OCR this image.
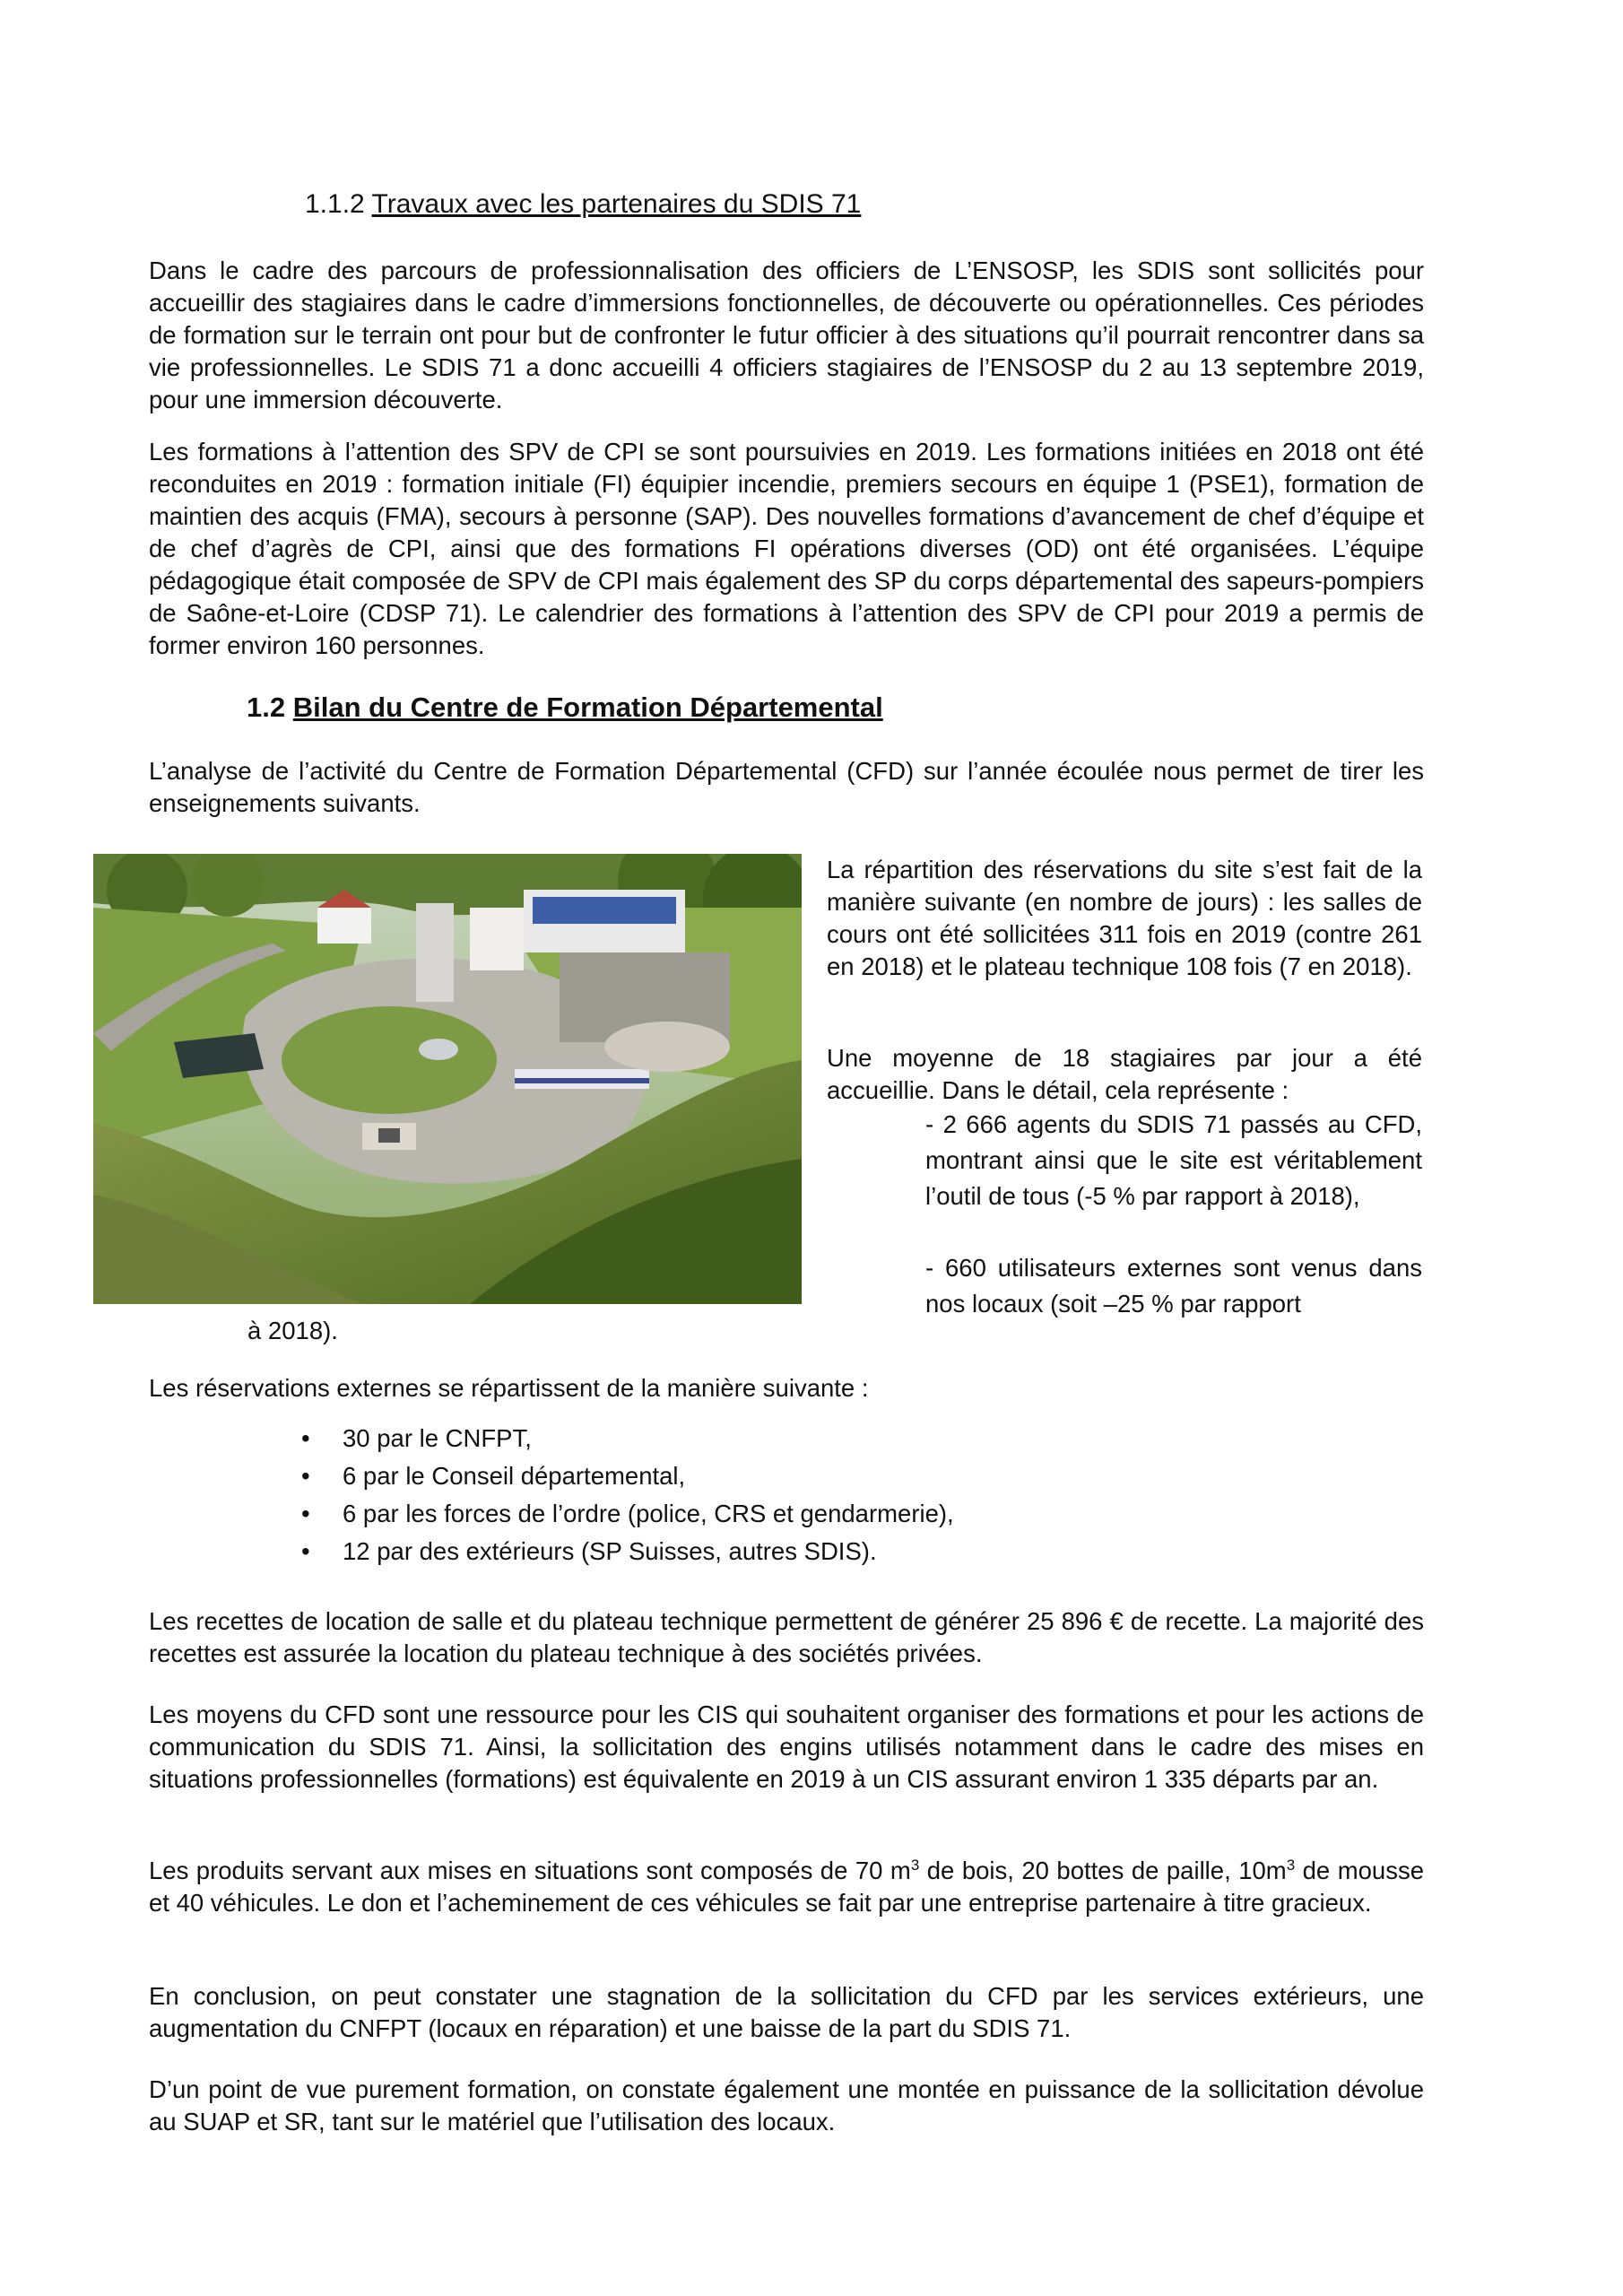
1.1.2 Travaux avec les partenaires du SDIS 71

Dans le cadre des parcours de professionnalisation des officiers de L’ENSOSP, les SDIS sont sollicités pour accueillir des stagiaires dans le cadre d’immersions fonctionnelles, de découverte ou opérationnelles. Ces périodes de formation sur le terrain ont pour but de confronter le futur officier à des situations qu’il pourrait rencontrer dans sa vie professionnelles. Le SDIS 71 a donc accueilli 4 officiers stagiaires de l’ENSOSP du 2 au 13 septembre 2019, pour une immersion découverte.

Les formations à l’attention des SPV de CPI se sont poursuivies en 2019. Les formations initiées en 2018 ont été reconduites en 2019 : formation initiale (FI) équipier incendie, premiers secours en équipe 1 (PSE1), formation de maintien des acquis (FMA), secours à personne (SAP). Des nouvelles formations d’avancement de chef d’équipe et de chef d’agrès de CPI, ainsi que des formations FI opérations diverses (OD) ont été organisées. L’équipe pédagogique était composée de SPV de CPI mais également des SP du corps départemental des sapeurs-pompiers de Saône-et-Loire (CDSP 71). Le calendrier des formations à l’attention des SPV de CPI pour 2019 a permis de former environ 160 personnes.

1.2 Bilan du Centre de Formation Départemental

L’analyse de l’activité du Centre de Formation Départemental (CFD) sur l’année écoulée nous permet de tirer les enseignements suivants.

La répartition des réservations du site s’est fait de la manière suivante (en nombre de jours) : les salles de cours ont été sollicitées 311 fois en 2019 (contre 261 en 2018) et le plateau technique 108 fois (7 en 2018).

Une moyenne de 18 stagiaires par jour a été accueillie. Dans le détail, cela représente :

- 2 666 agents du SDIS 71 passés au CFD, montrant ainsi que le site est véritablement l’outil de tous (-5 % par rapport à 2018),

- 660 utilisateurs externes sont venus dans nos locaux (soit –25 % par rapport

à 2018).

Les réservations externes se répartissent de la manière suivante :

• 30 par le CNFPT,
• 6 par le Conseil départemental,
• 6 par les forces de l’ordre (police, CRS et gendarmerie),
• 12 par des extérieurs (SP Suisses, autres SDIS).

Les recettes de location de salle et du plateau technique permettent de générer 25 896 € de recette. La majorité des recettes est assurée la location du plateau technique à des sociétés privées.

Les moyens du CFD sont une ressource pour les CIS qui souhaitent organiser des formations et pour les actions de communication du SDIS 71. Ainsi, la sollicitation des engins utilisés notamment dans le cadre des mises en situations professionnelles (formations) est équivalente en 2019 à un CIS assurant environ 1 335 départs par an.

Les produits servant aux mises en situations sont composés de 70 $m^3$ de bois, 20 bottes de paille, $10m^3$ de mousse et 40 véhicules. Le don et l’acheminement de ces véhicules se fait par une entreprise partenaire à titre gracieux.

En conclusion, on peut constater une stagnation de la sollicitation du CFD par les services extérieurs, une augmentation du CNFPT (locaux en réparation) et une baisse de la part du SDIS 71.

D’un point de vue purement formation, on constate également une montée en puissance de la sollicitation dévolue au SUAP et SR, tant sur le matériel que l’utilisation des locaux.
